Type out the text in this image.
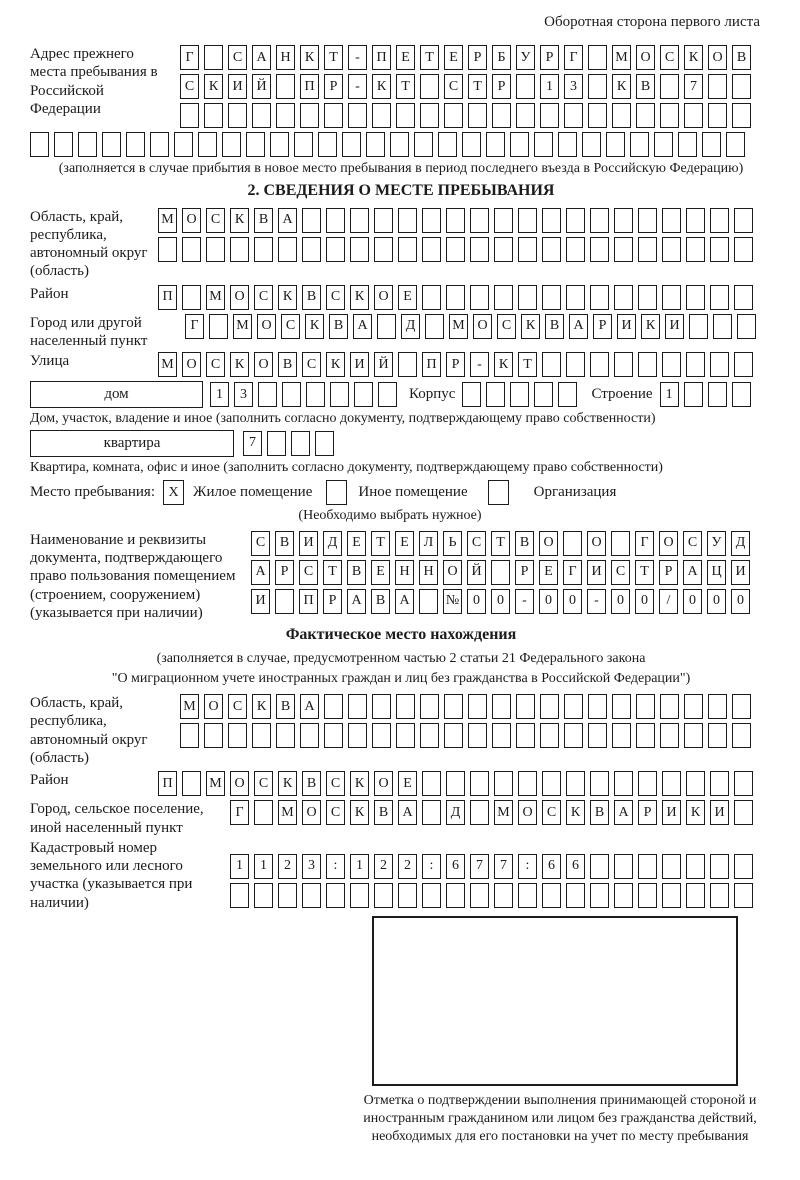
Оборотная сторона первого листа
Адрес прежнего места пребывания в Российской Федерации
Г	С	А Н	К	Т	-	П	Е	Т	Е	Р	Б	У	Р	Г	М О	С	К	О	В
С	К	И Й	П	Р	-	К	Т	С	Т	Р	1	3	К	В	7
(заполняется в случае прибытия в новое место пребывания в период последнего въезда в Российскую Федерацию)
2. СВЕДЕНИЯ О МЕСТЕ ПРЕБЫВАНИЯ
Область, край, республика, автономный округ (область)
М О	С	К	В	А
Район	П	М О	С	К	В	С	К	О	Е
Город или другой населенный пункт
Г	М О	С	К	В	А	Д	М О	С	К	В	А	Р	И	К	И
Улица	М О	С	К	О	В	С	К	И Й	П	Р	-	К	Т
дом	1	3	Корпус	Строение 1
Дом, участок, владение и иное (заполнить согласно документу, подтверждающему право собственности)
квартира	7
Квартира, комната, офис и иное (заполнить согласно документу, подтверждающему право собственности)
Место пребывания: X Жилое помещение	Иное помещение	Организация
(Необходимо выбрать нужное)
Наименование и реквизиты документа, подтверждающего право пользования помещением (строением, сооружением) (указывается при наличии)
С	В	И	Д	Е	Т	Е	Л	Ь	С	Т	В	О	О	Г	О	С	У	Д
А	Р	С	Т	В	Е	Н Н О Й	Р	Е	Г	И	С	Т	Р	А Ц И
И	П	Р	А	В	А	№ 0	0	-	0	0	-	0	0	/	0	0	0
Фактическое место нахождения
(заполняется в случае, предусмотренном частью 2 статьи 21 Федерального закона
"О миграционном учете иностранных граждан и лиц без гражданства в Российской Федерации")
Область, край, республика, автономный округ (область)
М О	С	К	В	А
Район	П	М О	С	К	В	С	К	О	Е
Город, сельское поселение, иной населенный пункт
Г	М О	С	К	В	А	Д	М О	С	К	В	А	Р	И	К	И
Кадастровый номер земельного или лесного участка (указывается при наличии)
1	1	2	3	:	1	2	2	:	6	7	7	:	6	6
Отметка о подтверждении выполнения принимающей стороной и иностранным гражданином или лицом без гражданства действий, необходимых для его постановки на учет по месту пребывания
